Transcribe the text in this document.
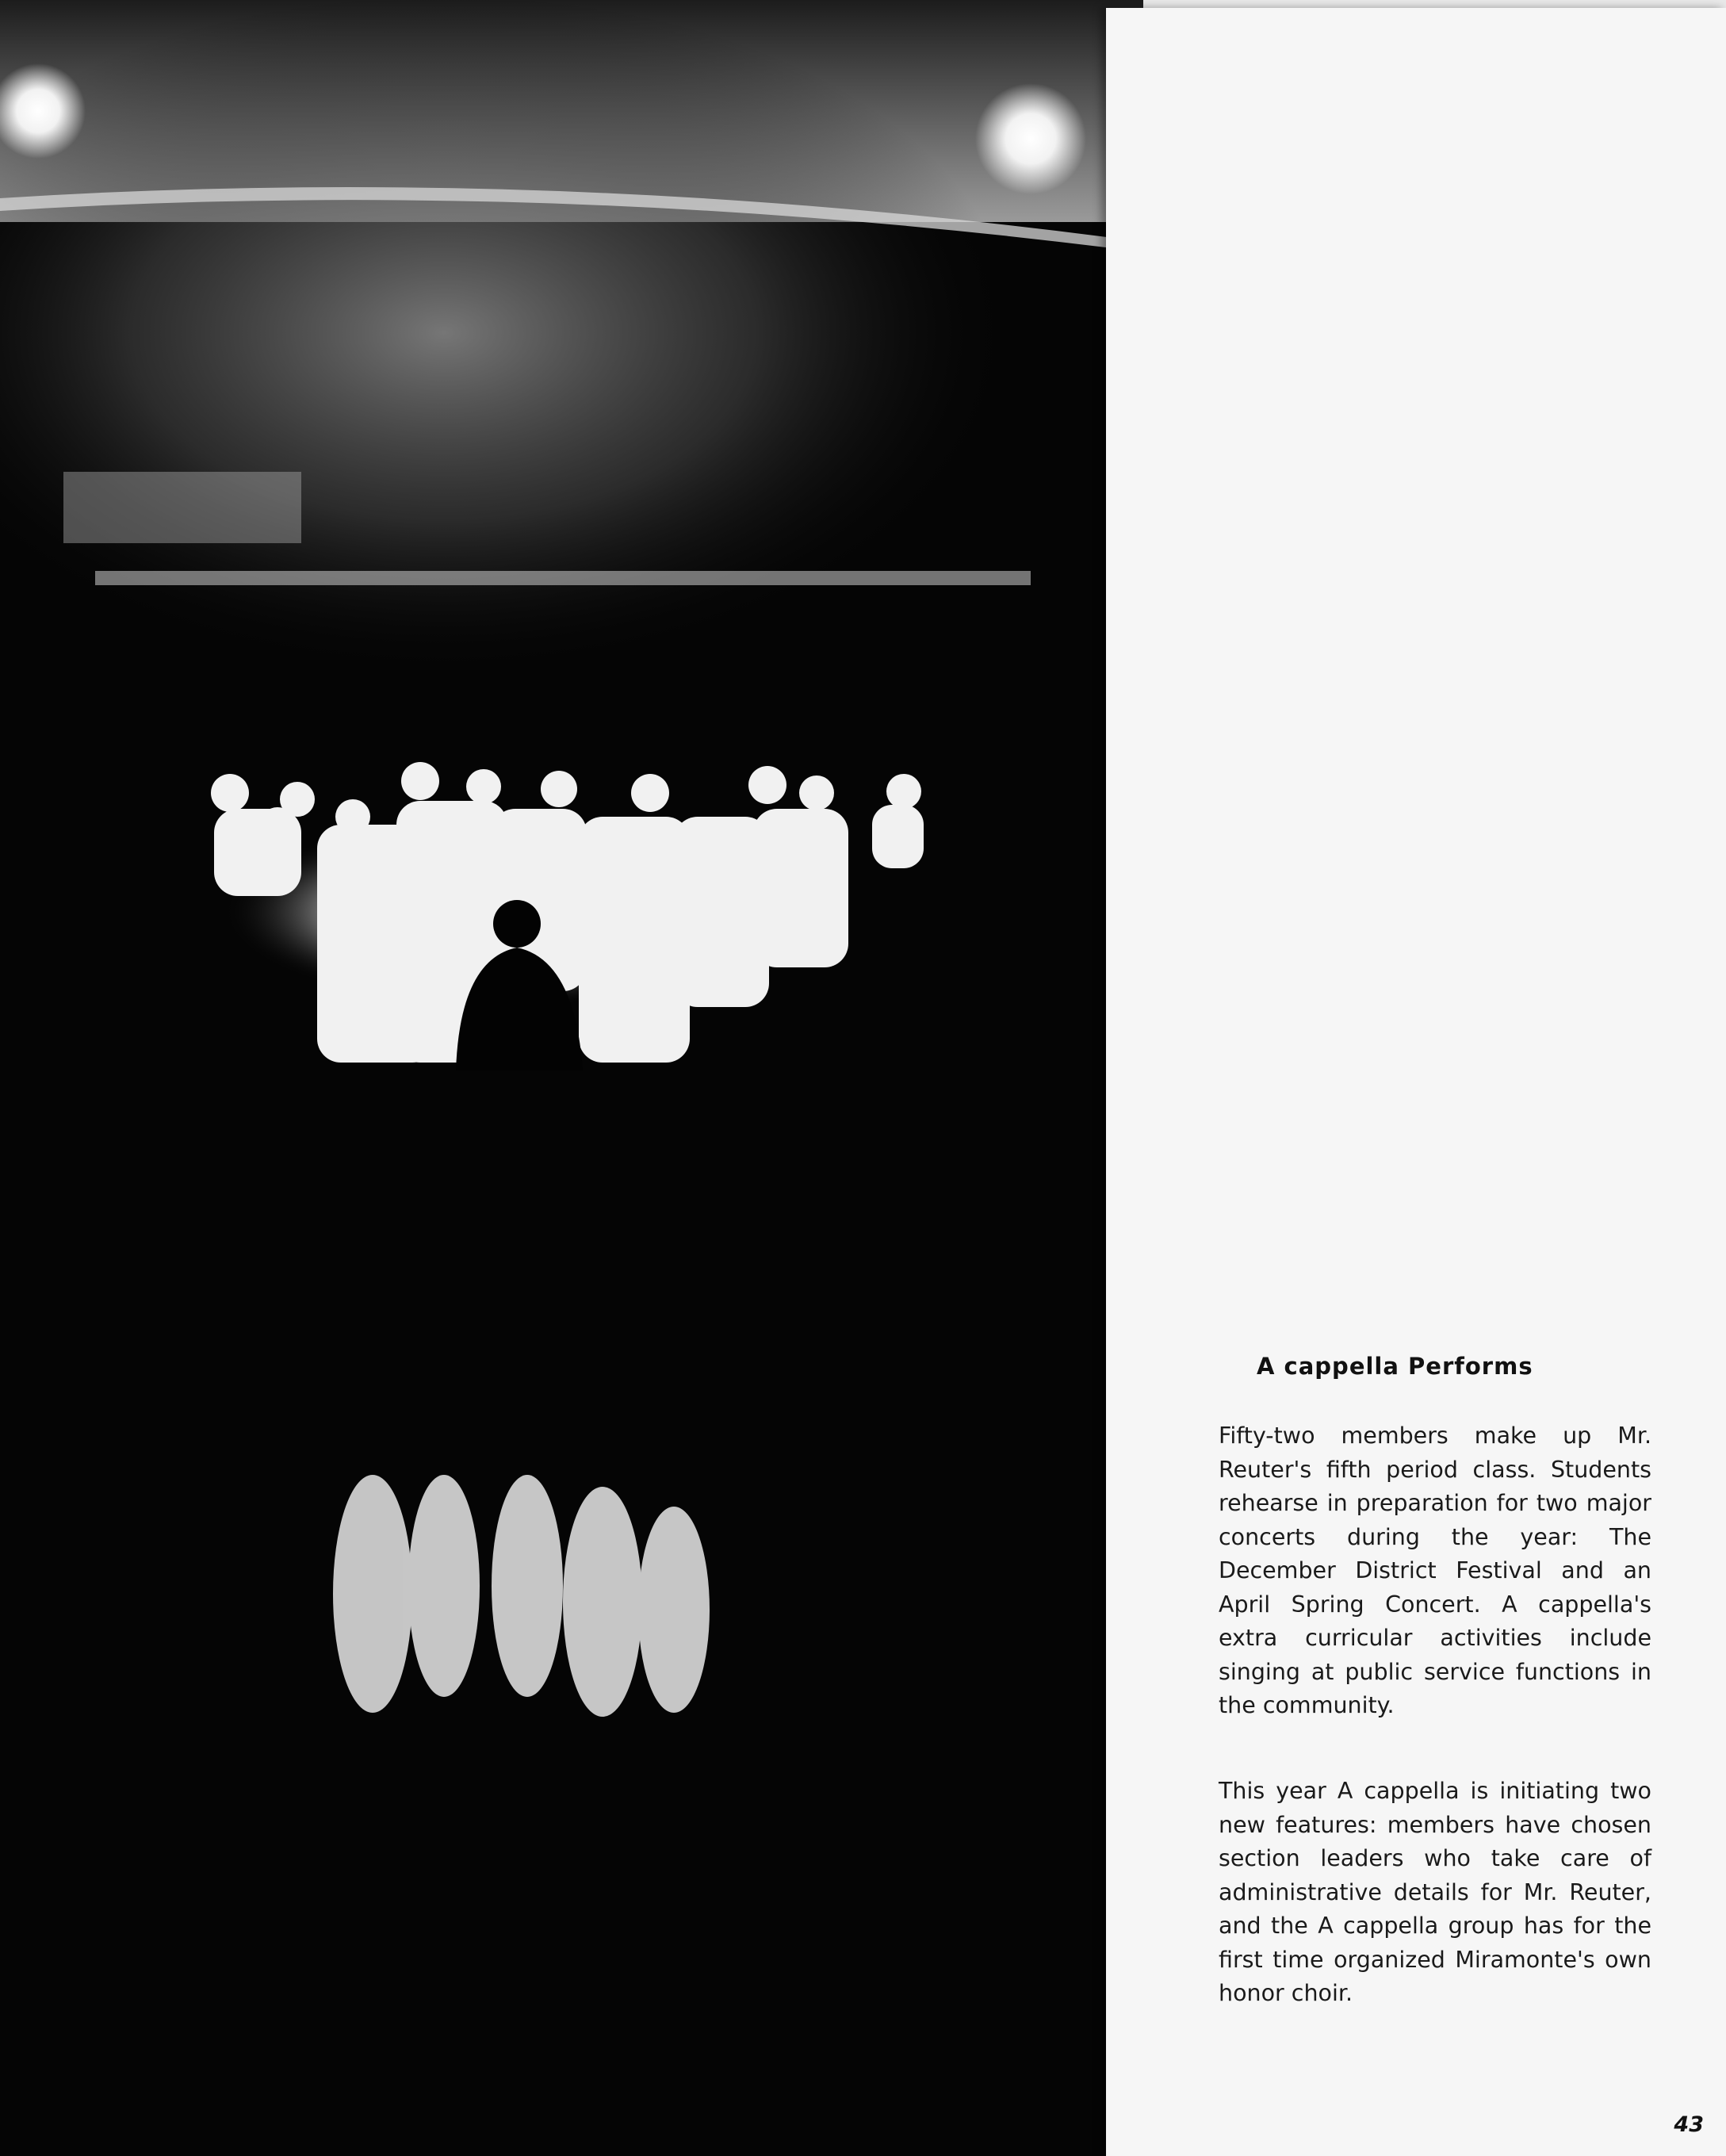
A cappella Performs

Fifty-two members make up Mr. Reuter's fifth period class. Students rehearse in preparation for two major concerts during the year: The December District Festival and an April Spring Concert. A cappella's extra curricular activities include singing at public service functions in the community.

This year A cappella is initiating two new features: members have chosen section leaders who take care of administrative details for Mr. Reuter, and the A cappella group has for the first time organized Miramonte's own honor choir.

43
